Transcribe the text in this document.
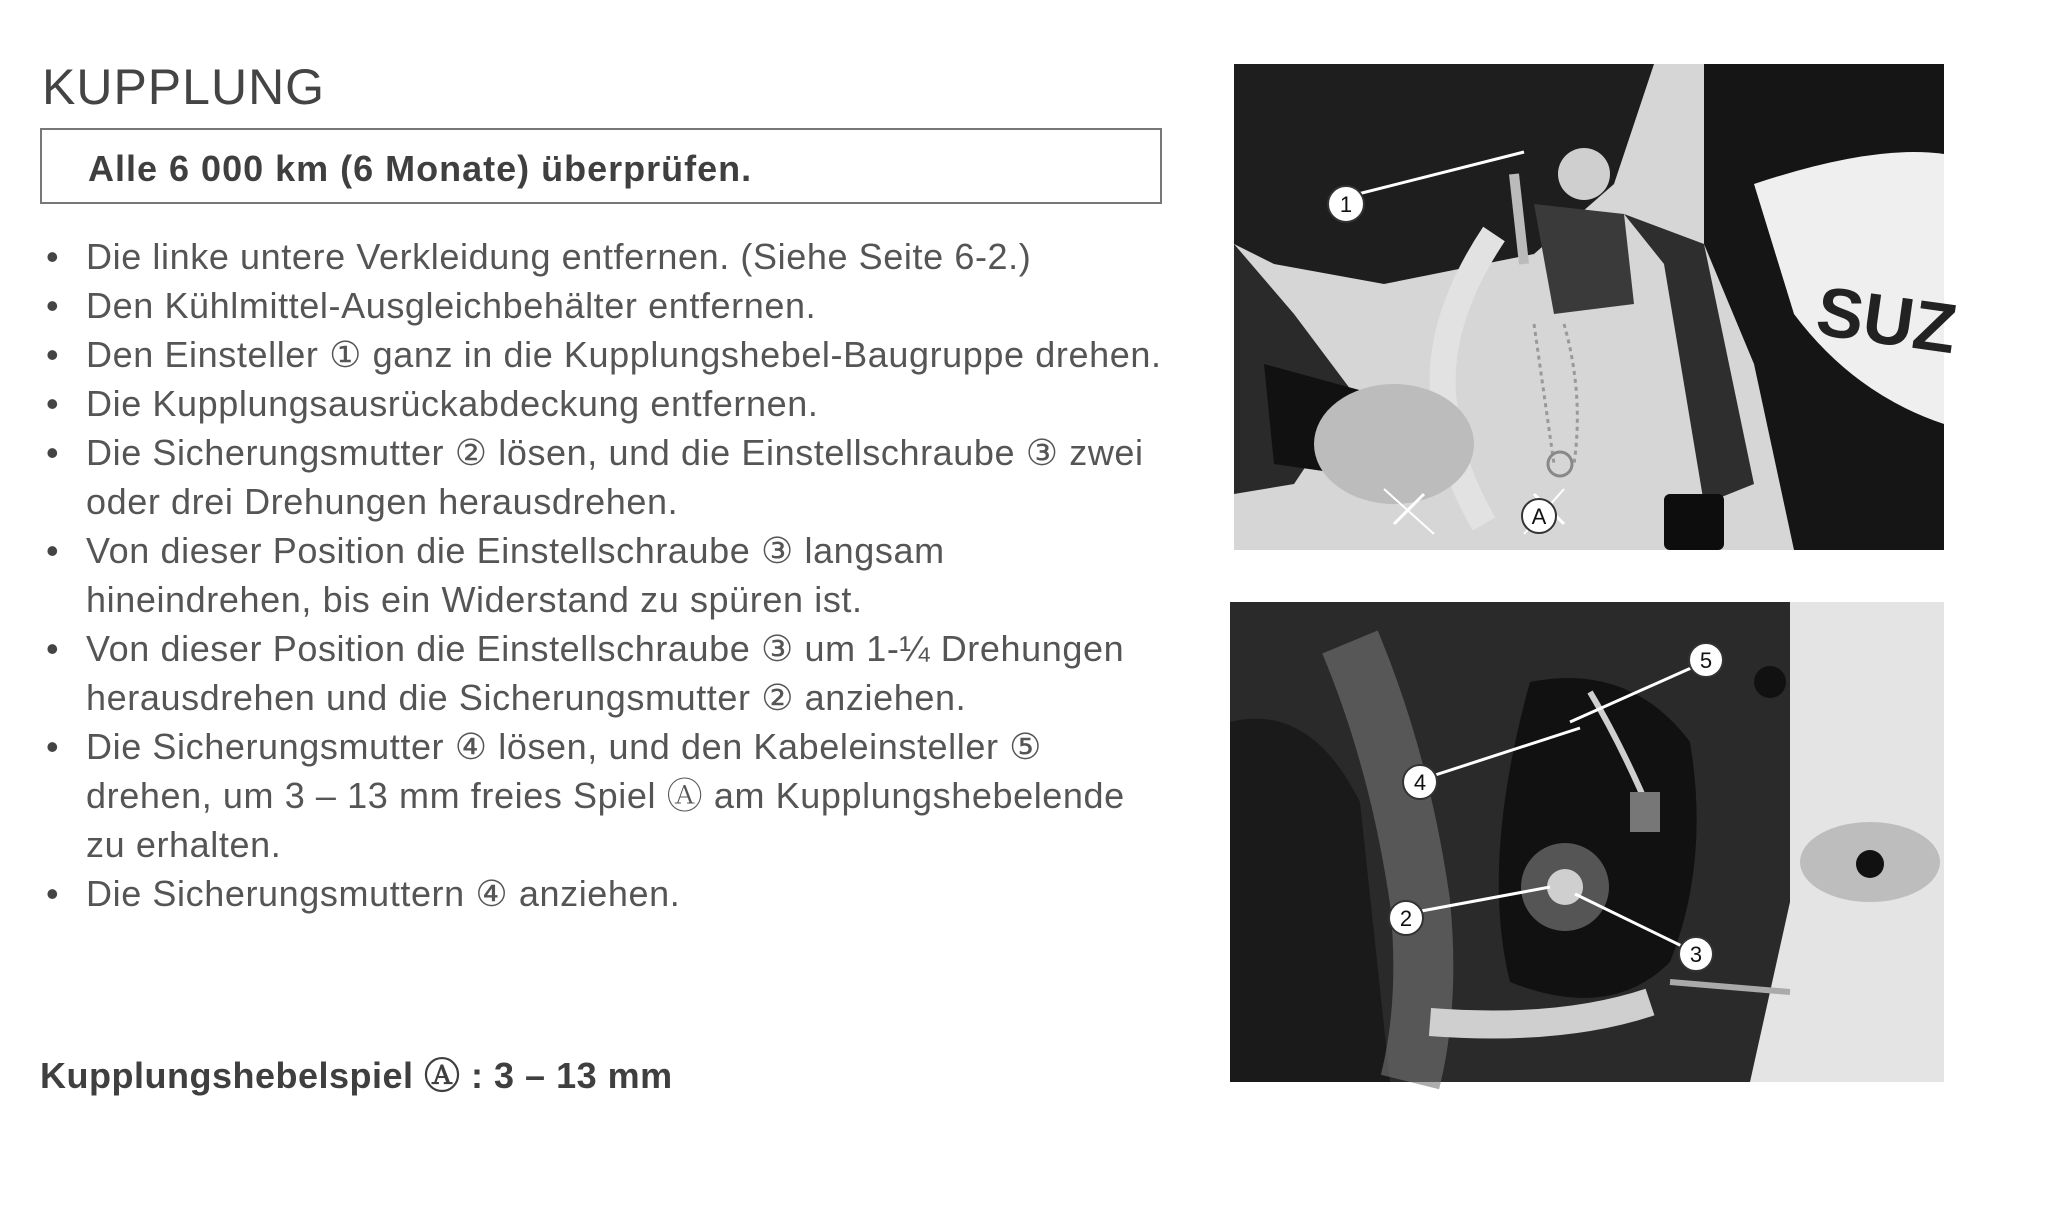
KUPPLUNG
Alle 6 000 km (6 Monate) überprüfen.
• Die linke untere Verkleidung entfernen. (Siehe Seite 6-2.)
• Den Kühlmittel-Ausgleichbehälter entfernen.
• Den Einsteller ① ganz in die Kupplungshebel-Baugruppe drehen.
• Die Kupplungsausrückabdeckung entfernen.
• Die Sicherungsmutter ② lösen, und die Einstellschraube ③ zwei oder drei Drehungen herausdrehen.
• Von dieser Position die Einstellschraube ③ langsam hineindrehen, bis ein Widerstand zu spüren ist.
• Von dieser Position die Einstellschraube ③ um 1-¼ Drehungen herausdrehen und die Sicherungsmutter ② anziehen.
• Die Sicherungsmutter ④ lösen, und den Kabeleinsteller ⑤ drehen, um 3 – 13 mm freies Spiel Ⓐ am Kupplungshebelende zu erhalten.
• Die Sicherungsmuttern ④ anziehen.
Kupplungshebelspiel Ⓐ : 3 – 13 mm
SUZ
1
A
5
4
2
3
